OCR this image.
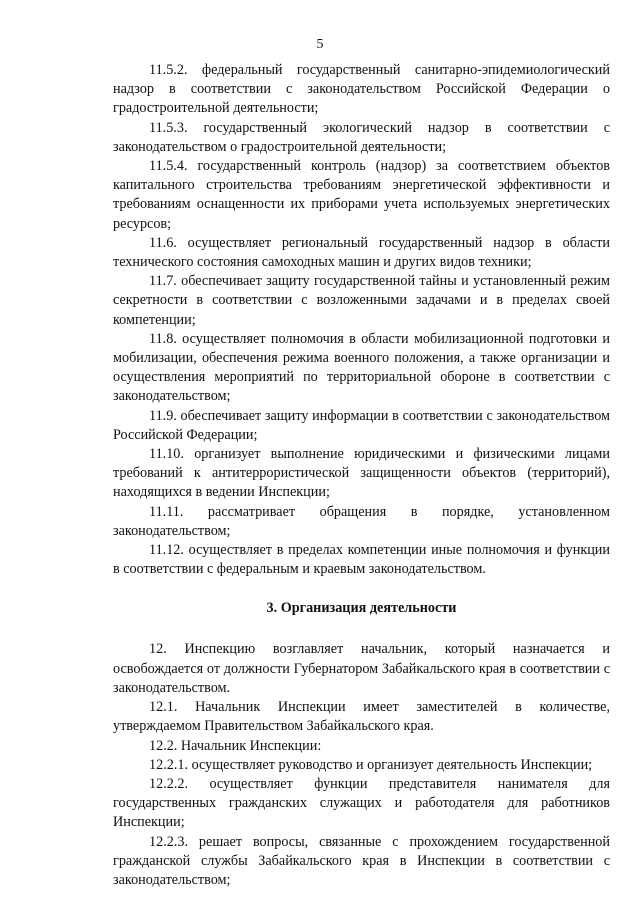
5

11.5.2. федеральный государственный санитарно-эпидемиологический надзор в соответствии с законодательством Российской Федерации о градостроительной деятельности;

11.5.3. государственный экологический надзор в соответствии с законодательством о градостроительной деятельности;

11.5.4. государственный контроль (надзор) за соответствием объектов капитального строительства требованиям энергетической эффективности и требованиям оснащенности их приборами учета используемых энергетических ресурсов;

11.6. осуществляет региональный государственный надзор в области технического состояния самоходных машин и других видов техники;

11.7. обеспечивает защиту государственной тайны и установленный режим секретности в соответствии с возложенными задачами и в пределах своей компетенции;

11.8. осуществляет полномочия в области мобилизационной подготовки и мобилизации, обеспечения режима военного положения, а также организации и осуществления мероприятий по территориальной обороне в соответствии с законодательством;

11.9. обеспечивает защиту информации в соответствии с законодательством Российской Федерации;

11.10. организует выполнение юридическими и физическими лицами требований к антитеррористической защищенности объектов (территорий), находящихся в ведении Инспекции;

11.11. рассматривает обращения в порядке, установленном законодательством;

11.12. осуществляет в пределах компетенции иные полномочия и функции в соответствии с федеральным и краевым законодательством.

3. Организация деятельности

12. Инспекцию возглавляет начальник, который назначается и освобождается от должности Губернатором Забайкальского края в соответствии с законодательством.

12.1. Начальник Инспекции имеет заместителей в количестве, утверждаемом Правительством Забайкальского края.

12.2. Начальник Инспекции:

12.2.1. осуществляет руководство и организует деятельность Инспекции;

12.2.2. осуществляет функции представителя нанимателя для государственных гражданских служащих и работодателя для работников Инспекции;

12.2.3. решает вопросы, связанные с прохождением государственной гражданской службы Забайкальского края в Инспекции в соответствии с законодательством;
